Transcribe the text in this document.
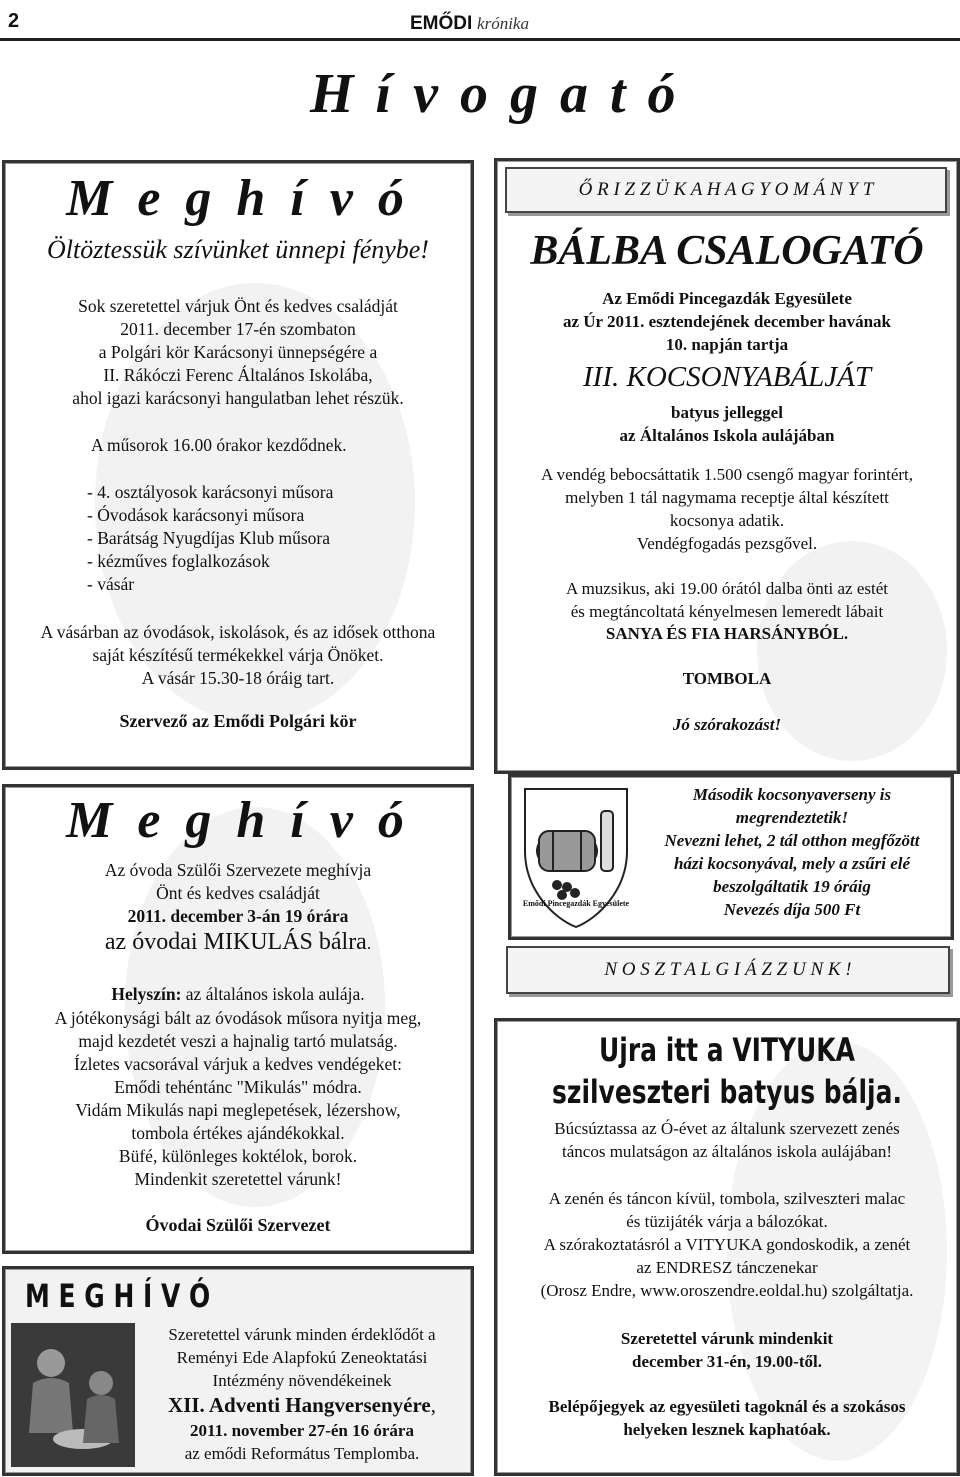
2	EMŐDI krónika
H í v o g a t ó
M e g h í v ó
Öltöztessük szívünket ünnepi fénybe!
Sok szeretettel várjuk Önt és kedves családját
2011. december 17-én szombaton
a Polgári kör Karácsonyi ünnepségére a
II. Rákóczi Ferenc Általános Iskolába,
ahol igazi karácsonyi hangulatban lehet részük.
A műsorok 16.00 órakor kezdődnek.
- 4. osztályosok karácsonyi műsora
- Óvodások karácsonyi műsora
- Barátság Nyugdíjas Klub műsora
- kézműves foglalkozások
- vásár
A vásárban az óvodások, iskolások, és az idősek otthona
saját készítésű termékekkel várja Önöket.
A vásár 15.30-18 óráig tart.
Szervező az Emődi Polgári kör
Ő R I Z Z Ü K A H A G Y O M Á N Y T
BÁLBA CSALOGATÓ
Az Emődi Pincegazdák Egyesülete
az Úr 2011. esztendejének december havának
10. napján tartja
III. KOCSONYABÁLJÁT
batyus jelleggel
az Általános Iskola aulájában
A vendég bebocsáttatik 1.500 csengő magyar forintért,
melyben 1 tál nagymama receptje által készített
kocsonya adatik.
Vendégfogadás pezsgővel.
A muzsikus, aki 19.00 órától dalba önti az estét
és megtáncoltatá kényelmesen lemeredt lábait
SANYA ÉS FIA HARSÁNYBÓL.
TOMBOLA
Jó szórakozást!
M e g h í v ó
Az óvoda Szülői Szervezete meghívja
Önt és kedves családját
2011. december 3-án 19 órára
az óvodai MIKULÁS bálra.
Helyszín: az általános iskola aulája.
A jótékonysági bált az óvodások műsora nyitja meg,
majd kezdetét veszi a hajnalig tartó mulatság.
Ízletes vacsorával várjuk a kedves vendégeket:
Emődi tehéntánc "Mikulás" módra.
Vidám Mikulás napi meglepetések, lézershow,
tombola értékes ajándékokkal.
Büfé, különleges koktélok, borok.
Mindenkit szeretettel várunk!
Óvodai Szülői Szervezet
Emődi Pincegazdák Egyesülete
Második kocsonyaverseny is
megrendeztetik!
Nevezni lehet, 2 tál otthon megfőzött
házi kocsonyával, mely a zsűri elé
beszolgáltatik 19 óráig
Nevezés díja 500 Ft
N O S Z T A L G I Á Z Z U N K !
Ujra itt a VITYUKA
szilveszteri batyus bálja.
Búcsúztassa az Ó-évet az általunk szervezett zenés
táncos mulatságon az általános iskola aulájában!
A zenén és táncon kívül, tombola, szilveszteri malac
és tüzijáték várja a bálozókat.
A szórakoztatásról a VITYUKA gondoskodik, a zenét
az ENDRESZ tánczenekar
(Orosz Endre, www.oroszendre.eoldal.hu) szolgáltatja.
Szeretettel várunk mindenkit
december 31-én, 19.00-től.
Belépőjegyek az egyesületi tagoknál és a szokásos
helyeken lesznek kaphatóak.
M E G H Í V Ó
Szeretettel várunk minden érdeklődőt a
Reményi Ede Alapfokú Zeneoktatási
Intézmény növendékeinek
XII. Adventi Hangversenyére,
2011. november 27-én 16 órára
az emődi Református Templomba.
